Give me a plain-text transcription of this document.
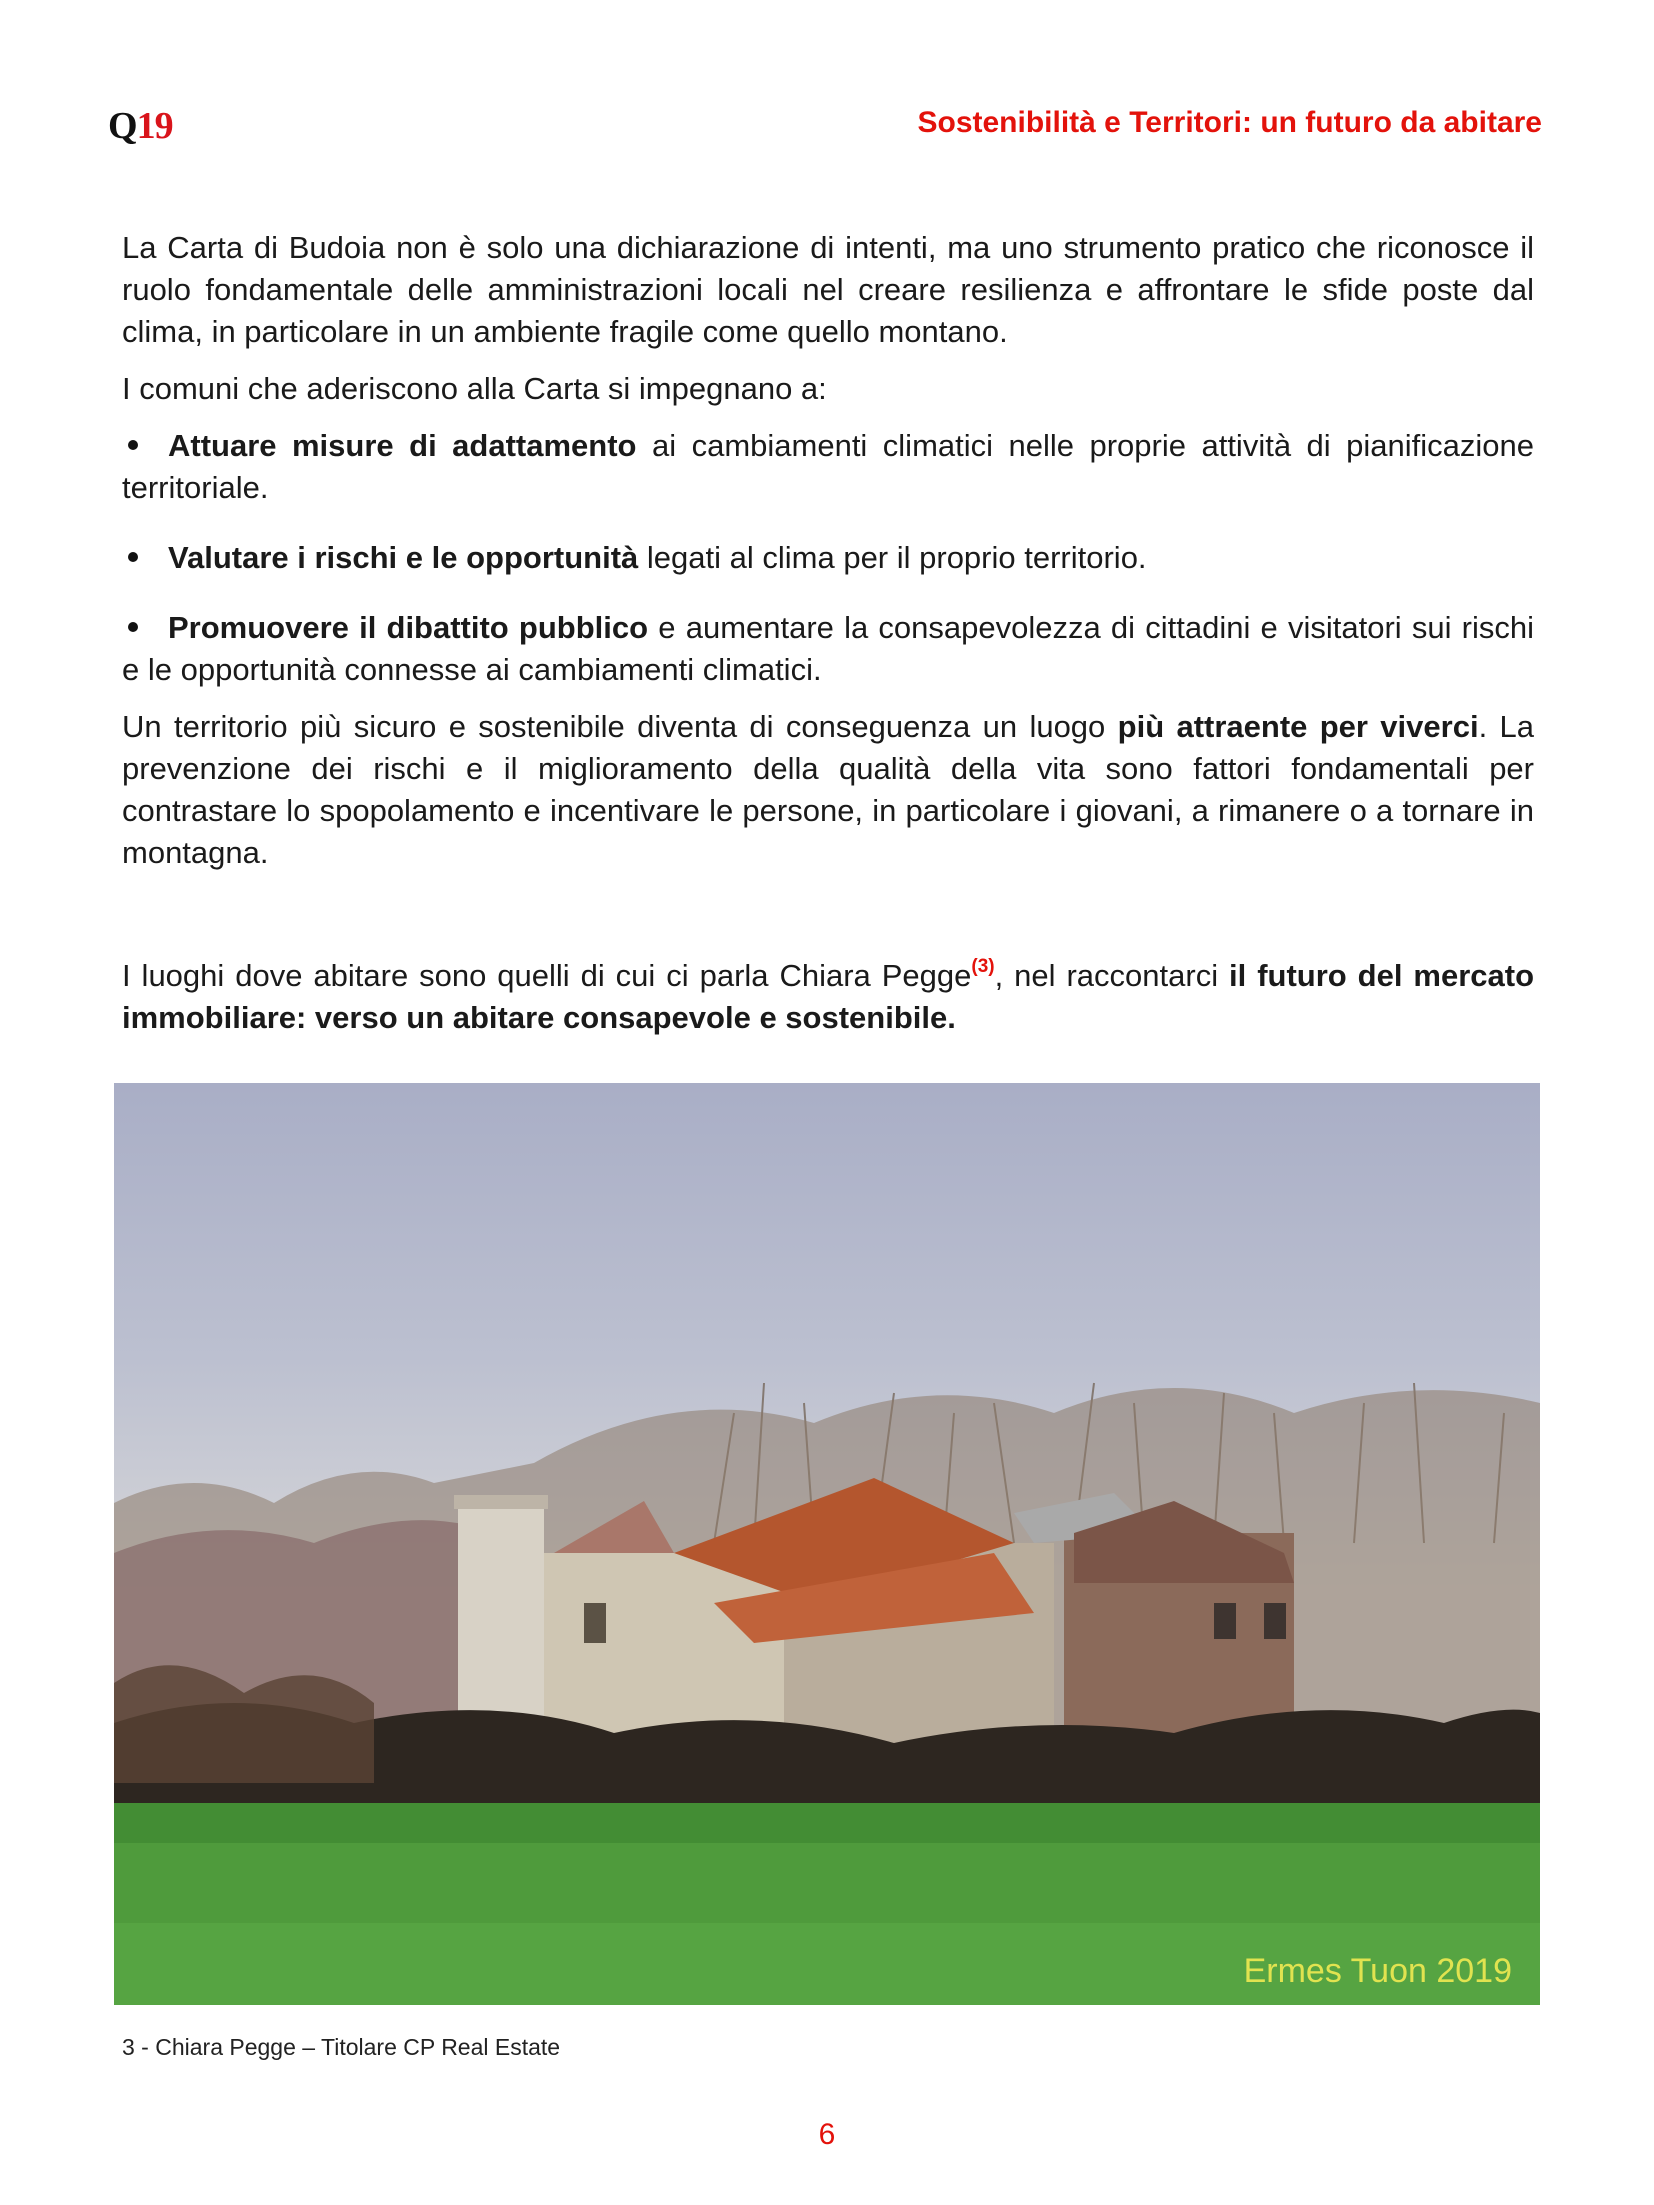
Q19	Sostenibilità e Territori: un futuro da abitare

La Carta di Budoia non è solo una dichiarazione di intenti, ma uno strumento pratico che riconosce il ruolo fondamentale delle amministrazioni locali nel creare resilienza e affrontare le sfide poste dal clima, in particolare in un ambiente fragile come quello montano.

I comuni che aderiscono alla Carta si impegnano a:

Attuare misure di adattamento ai cambiamenti climatici nelle proprie attività di pianificazione territoriale.

Valutare i rischi e le opportunità legati al clima per il proprio territorio.

Promuovere il dibattito pubblico e aumentare la consapevolezza di cittadini e visitatori sui rischi e le opportunità connesse ai cambiamenti climatici.

Un territorio più sicuro e sostenibile diventa di conseguenza un luogo più attraente per viverci. La prevenzione dei rischi e il miglioramento della qualità della vita sono fattori fondamentali per contrastare lo spopolamento e incentivare le persone, in particolare i giovani, a rimanere o a tornare in montagna.

I luoghi dove abitare sono quelli di cui ci parla Chiara Pegge$^{(3)}$, nel raccontarci il futuro del mercato immobiliare: verso un abitare consapevole e sostenibile.

Ermes Tuon 2019
3 - Chiara Pegge – Titolare CP Real Estate
6
